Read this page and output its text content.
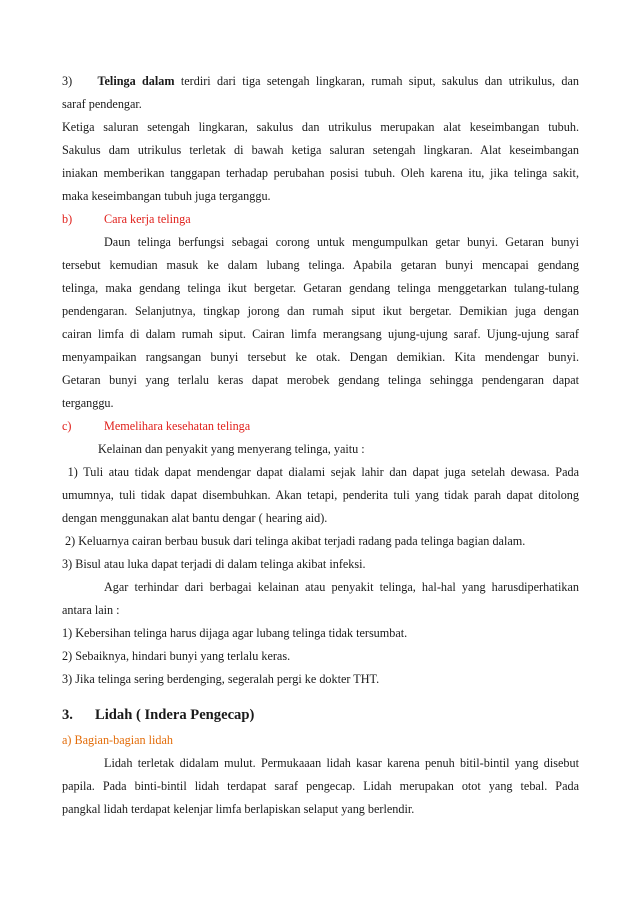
3) Telinga dalam terdiri dari tiga setengah lingkaran, rumah siput, sakulus dan utrikulus, dan

saraf pendengar.

Ketiga saluran setengah lingkaran, sakulus dan utrikulus merupakan alat keseimbangan tubuh.

Sakulus dam utrikulus terletak di bawah ketiga saluran setengah lingkaran. Alat keseimbangan

iniakan memberikan tanggapan terhadap perubahan posisi tubuh. Oleh karena itu, jika telinga sakit,

maka keseimbangan tubuh juga terganggu.

b)	Cara kerja telinga

Daun telinga berfungsi sebagai corong untuk mengumpulkan getar bunyi. Getaran bunyi

tersebut kemudian masuk ke dalam lubang telinga. Apabila getaran bunyi mencapai gendang

telinga, maka gendang telinga ikut bergetar. Getaran gendang telinga menggetarkan tulang-tulang

pendengaran. Selanjutnya, tingkap jorong dan rumah siput ikut bergetar. Demikian juga dengan

cairan limfa di dalam rumah siput. Cairan limfa merangsang ujung-ujung saraf. Ujung-ujung saraf

menyampaikan rangsangan bunyi tersebut ke otak. Dengan demikian. Kita mendengar bunyi.

Getaran bunyi yang terlalu keras dapat merobek gendang telinga sehingga pendengaran dapat

terganggu.

c)	Memelihara kesehatan telinga

Kelainan dan penyakit yang menyerang telinga, yaitu :

1) Tuli atau tidak dapat mendengar dapat dialami sejak lahir dan dapat juga setelah dewasa. Pada

umumnya, tuli tidak dapat disembuhkan. Akan tetapi, penderita tuli yang tidak parah dapat ditolong

dengan menggunakan alat bantu dengar ( hearing aid).

2) Keluarnya cairan berbau busuk dari telinga akibat terjadi radang pada telinga bagian dalam.

3) Bisul atau luka dapat terjadi di dalam telinga akibat infeksi.

Agar terhindar dari berbagai kelainan atau penyakit telinga, hal-hal yang harusdiperhatikan

antara lain :

1) Kebersihan telinga harus dijaga agar lubang telinga tidak tersumbat.

2) Sebaiknya, hindari bunyi yang terlalu keras.

3) Jika telinga sering berdenging, segeralah pergi ke dokter THT.

3. Lidah ( Indera Pengecap)

a) Bagian-bagian lidah

Lidah terletak didalam mulut. Permukaaan lidah kasar karena penuh bitil-bintil yang disebut

papila. Pada binti-bintil lidah terdapat saraf pengecap. Lidah merupakan otot yang tebal. Pada

pangkal lidah terdapat kelenjar limfa berlapiskan selaput yang berlendir.
